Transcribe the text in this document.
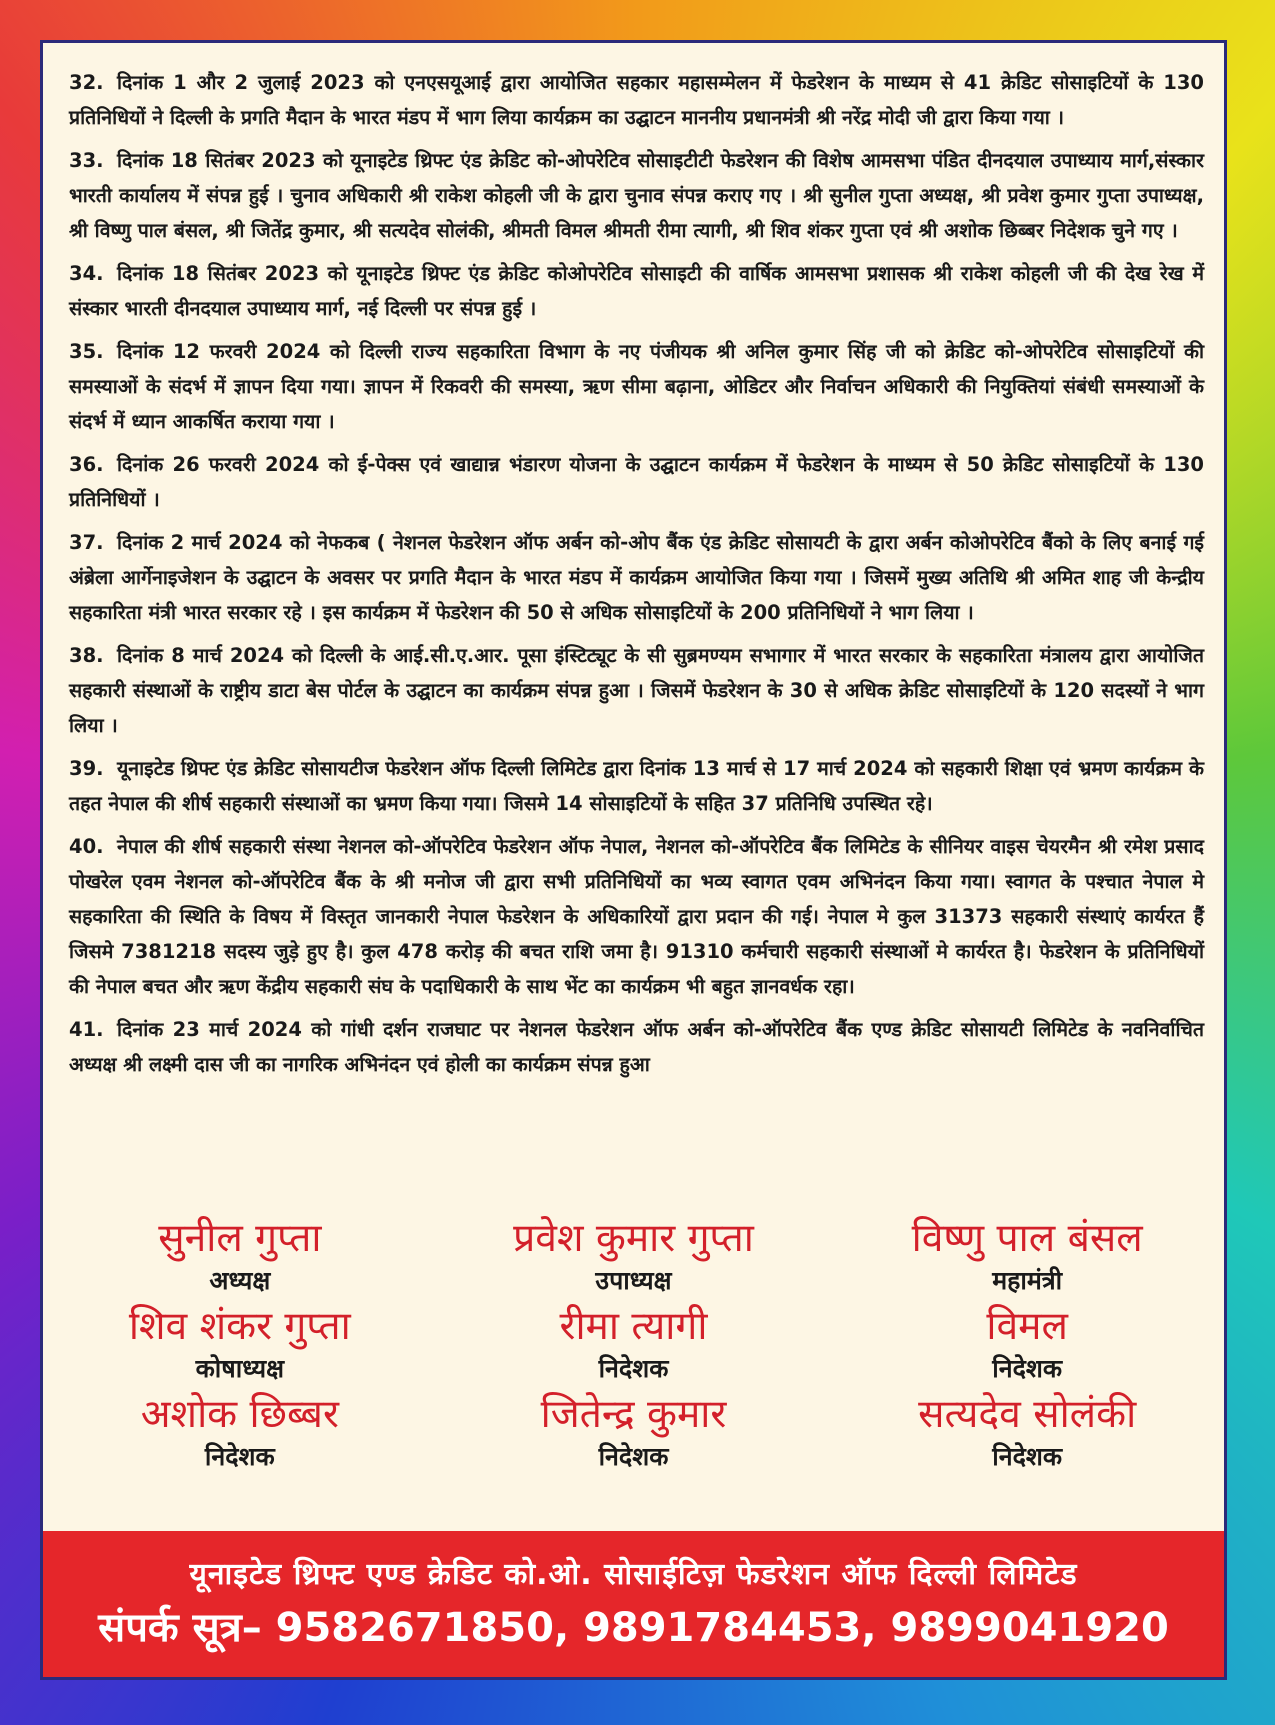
32. दिनांक 1 और 2 जुलाई 2023 को एनएसयूआई द्वारा आयोजित सहकार महासम्मेलन में फेडरेशन के माध्यम से 41 क्रेडिट सोसाइटियों के 130 प्रतिनिधियों ने दिल्ली के प्रगति मैदान के भारत मंडप में भाग लिया कार्यक्रम का उद्घाटन माननीय प्रधानमंत्री श्री नरेंद्र मोदी जी द्वारा किया गया ।

33. दिनांक 18 सितंबर 2023 को यूनाइटेड थ्रिफ्ट एंड क्रेडिट को-ओपरेटिव सोसाइटीटी फेडरेशन की विशेष आमसभा पंडित दीनदयाल उपाध्याय मार्ग,संस्कार भारती कार्यालय में संपन्न हुई । चुनाव अधिकारी श्री राकेश कोहली जी के द्वारा चुनाव संपन्न कराए गए । श्री सुनील गुप्ता अध्यक्ष, श्री प्रवेश कुमार गुप्ता उपाध्यक्ष, श्री विष्णु पाल बंसल, श्री जितेंद्र कुमार, श्री सत्यदेव सोलंकी, श्रीमती विमल श्रीमती रीमा त्यागी, श्री शिव शंकर गुप्ता एवं श्री अशोक छिब्बर निदेशक चुने गए ।

34. दिनांक 18 सितंबर 2023 को यूनाइटेड थ्रिफ्ट एंड क्रेडिट कोओपरेटिव सोसाइटी की वार्षिक आमसभा प्रशासक श्री राकेश कोहली जी की देख रेख में संस्कार भारती दीनदयाल उपाध्याय मार्ग, नई दिल्ली पर संपन्न हुई ।

35. दिनांक 12 फरवरी 2024 को दिल्ली राज्य सहकारिता विभाग के नए पंजीयक श्री अनिल कुमार सिंह जी को क्रेडिट को-ओपरेटिव सोसाइटियों की समस्याओं के संदर्भ में ज्ञापन दिया गया। ज्ञापन में रिकवरी की समस्या, ऋण सीमा बढ़ाना, ओडिटर और निर्वाचन अधिकारी की नियुक्तियां संबंधी समस्याओं के संदर्भ में ध्यान आकर्षित कराया गया ।

36. दिनांक 26 फरवरी 2024 को ई-पेक्स एवं खाद्यान्न भंडारण योजना के उद्घाटन कार्यक्रम में फेडरेशन के माध्यम से 50 क्रेडिट सोसाइटियों के 130 प्रतिनिधियों ।

37. दिनांक 2 मार्च 2024 को नेफकब ( नेशनल फेडरेशन ऑफ अर्बन को-ओप बैंक एंड क्रेडिट सोसायटी के द्वारा अर्बन कोओपरेटिव बैंको के लिए बनाई गई अंब्रेला आर्गेनाइजेशन के उद्घाटन के अवसर पर प्रगति मैदान के भारत मंडप में कार्यक्रम आयोजित किया गया । जिसमें मुख्य अतिथि श्री अमित शाह जी केन्द्रीय सहकारिता मंत्री भारत सरकार रहे । इस कार्यक्रम में फेडरेशन की 50 से अधिक सोसाइटियों के 200 प्रतिनिधियों ने भाग लिया ।

38. दिनांक 8 मार्च 2024 को दिल्ली के आई.सी.ए.आर. पूसा इंस्टिट्यूट के सी सुब्रमण्यम सभागार में भारत सरकार के सहकारिता मंत्रालय द्वारा आयोजित सहकारी संस्थाओं के राष्ट्रीय डाटा बेस पोर्टल के उद्घाटन का कार्यक्रम संपन्न हुआ । जिसमें फेडरेशन के 30 से अधिक क्रेडिट सोसाइटियों के 120 सदस्यों ने भाग लिया ।

39. यूनाइटेड थ्रिफ्ट एंड क्रेडिट सोसायटीज फेडरेशन ऑफ दिल्ली लिमिटेड द्वारा दिनांक 13 मार्च से 17 मार्च 2024 को सहकारी शिक्षा एवं भ्रमण कार्यक्रम के तहत नेपाल की शीर्ष सहकारी संस्थाओं का भ्रमण किया गया। जिसमे 14 सोसाइटियों के सहित 37 प्रतिनिधि उपस्थित रहे।

40. नेपाल की शीर्ष सहकारी संस्था नेशनल को-ऑपरेटिव फेडरेशन ऑफ नेपाल, नेशनल को-ऑपरेटिव बैंक लिमिटेड के सीनियर वाइस चेयरमैन श्री रमेश प्रसाद पोखरेल एवम नेशनल को-ऑपरेटिव बैंक के श्री मनोज जी द्वारा सभी प्रतिनिधियों का भव्य स्वागत एवम अभिनंदन किया गया। स्वागत के पश्चात नेपाल मे सहकारिता की स्थिति के विषय में विस्तृत जानकारी नेपाल फेडरेशन के अधिकारियों द्वारा प्रदान की गई। नेपाल मे कुल 31373 सहकारी संस्थाएं कार्यरत हैं जिसमे 7381218 सदस्य जुड़े हुए है। कुल 478 करोड़ की बचत राशि जमा है। 91310 कर्मचारी सहकारी संस्थाओं मे कार्यरत है। फेडरेशन के प्रतिनिधियों की नेपाल बचत और ऋण केंद्रीय सहकारी संघ के पदाधिकारी के साथ भेंट का कार्यक्रम भी बहुत ज्ञानवर्धक रहा।

41. दिनांक 23 मार्च 2024 को गांधी दर्शन राजघाट पर नेशनल फेडरेशन ऑफ अर्बन को-ऑपरेटिव बैंक एण्ड क्रेडिट सोसायटी लिमिटेड के नवनिर्वाचित अध्यक्ष श्री लक्ष्मी दास जी का नागरिक अभिनंदन एवं होली का कार्यक्रम संपन्न हुआ

सुनील गुप्ता
अध्यक्ष
प्रवेश कुमार गुप्ता
उपाध्यक्ष
विष्णु पाल बंसल
महामंत्री
शिव शंकर गुप्ता
कोषाध्यक्ष
रीमा त्यागी
निदेशक
विमल
निदेशक
अशोक छिब्बर
निदेशक
जितेन्द्र कुमार
निदेशक
सत्यदेव सोलंकी
निदेशक
यूनाइटेड थ्रिफ्ट एण्ड क्रेडिट को.ओ. सोसाईटिज़ फेडरेशन ऑफ दिल्ली लिमिटेड
संपर्क सूत्र– 9582671850, 9891784453, 9899041920
